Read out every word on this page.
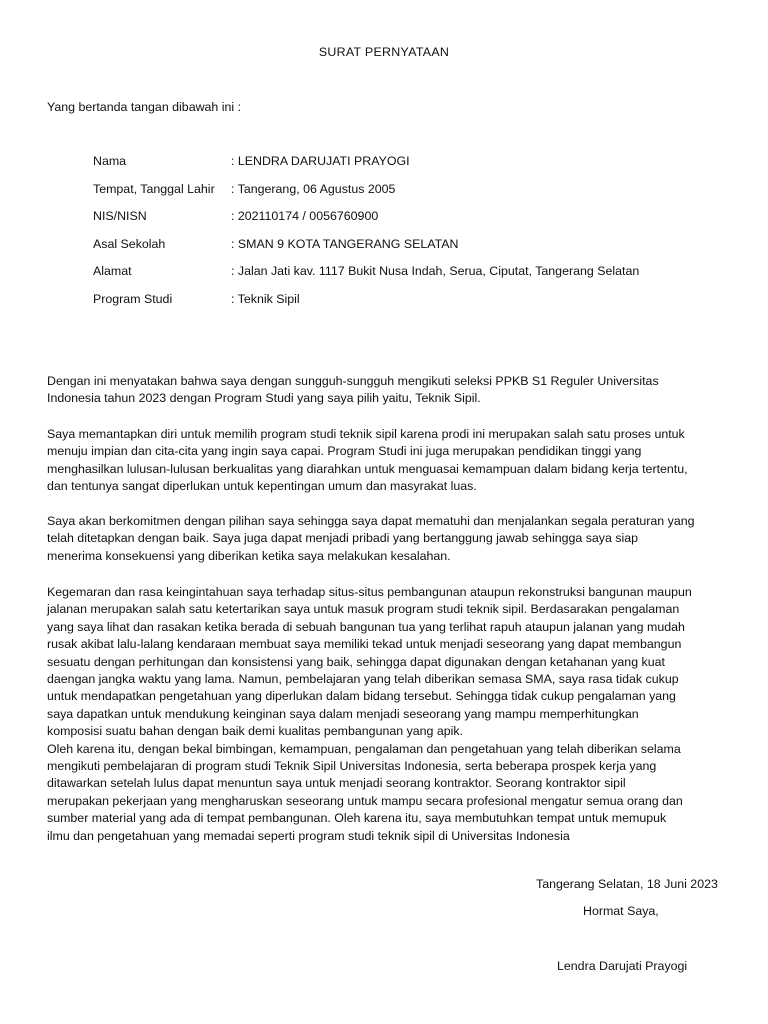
SURAT PERNYATAAN
Yang bertanda tangan dibawah ini :
Nama	: LENDRA DARUJATI PRAYOGI
Tempat, Tanggal Lahir : Tangerang, 06 Agustus 2005
NIS/NISN	: 202110174 / 0056760900
Asal Sekolah	: SMAN 9 KOTA TANGERANG SELATAN
Alamat	: Jalan Jati kav. 1117 Bukit Nusa Indah, Serua, Ciputat, Tangerang Selatan
Program Studi	: Teknik Sipil
Dengan ini menyatakan bahwa saya dengan sungguh-sungguh mengikuti seleksi PPKB S1 Reguler Universitas
Indonesia tahun 2023 dengan Program Studi yang saya pilih yaitu, Teknik Sipil.
Saya memantapkan diri untuk memilih program studi teknik sipil karena prodi ini merupakan salah satu proses untuk
menuju impian dan cita-cita yang ingin saya capai. Program Studi ini juga merupakan pendidikan tinggi yang
menghasilkan lulusan-lulusan berkualitas yang diarahkan untuk menguasai kemampuan dalam bidang kerja tertentu,
dan tentunya sangat diperlukan untuk kepentingan umum dan masyrakat luas.
Saya akan berkomitmen dengan pilihan saya sehingga saya dapat mematuhi dan menjalankan segala peraturan yang
telah ditetapkan dengan baik. Saya juga dapat menjadi pribadi yang bertanggung jawab sehingga saya siap
menerima konsekuensi yang diberikan ketika saya melakukan kesalahan.
Kegemaran dan rasa keingintahuan saya terhadap situs-situs pembangunan ataupun rekonstruksi bangunan maupun
jalanan merupakan salah satu ketertarikan saya untuk masuk program studi teknik sipil. Berdasarakan pengalaman
yang saya lihat dan rasakan ketika berada di sebuah bangunan tua yang terlihat rapuh ataupun jalanan yang mudah
rusak akibat lalu-lalang kendaraan membuat saya memiliki tekad untuk menjadi seseorang yang dapat membangun
sesuatu dengan perhitungan dan konsistensi yang baik, sehingga dapat digunakan dengan ketahanan yang kuat
daengan jangka waktu yang lama. Namun, pembelajaran yang telah diberikan semasa SMA, saya rasa tidak cukup
untuk mendapatkan pengetahuan yang diperlukan dalam bidang tersebut. Sehingga tidak cukup pengalaman yang
saya dapatkan untuk mendukung keinginan saya dalam menjadi seseorang yang mampu memperhitungkan
komposisi suatu bahan dengan baik demi kualitas pembangunan yang apik.
Oleh karena itu, dengan bekal bimbingan, kemampuan, pengalaman dan pengetahuan yang telah diberikan selama
mengikuti pembelajaran di program studi Teknik Sipil Universitas Indonesia, serta beberapa prospek kerja yang
ditawarkan setelah lulus dapat menuntun saya untuk menjadi seorang kontraktor. Seorang kontraktor sipil
merupakan pekerjaan yang mengharuskan seseorang untuk mampu secara profesional mengatur semua orang dan
sumber material yang ada di tempat pembangunan. Oleh karena itu, saya membutuhkan tempat untuk memupuk
ilmu dan pengetahuan yang memadai seperti program studi teknik sipil di Universitas Indonesia
Tangerang Selatan, 18 Juni 2023
Hormat Saya,
Lendra Darujati Prayogi
